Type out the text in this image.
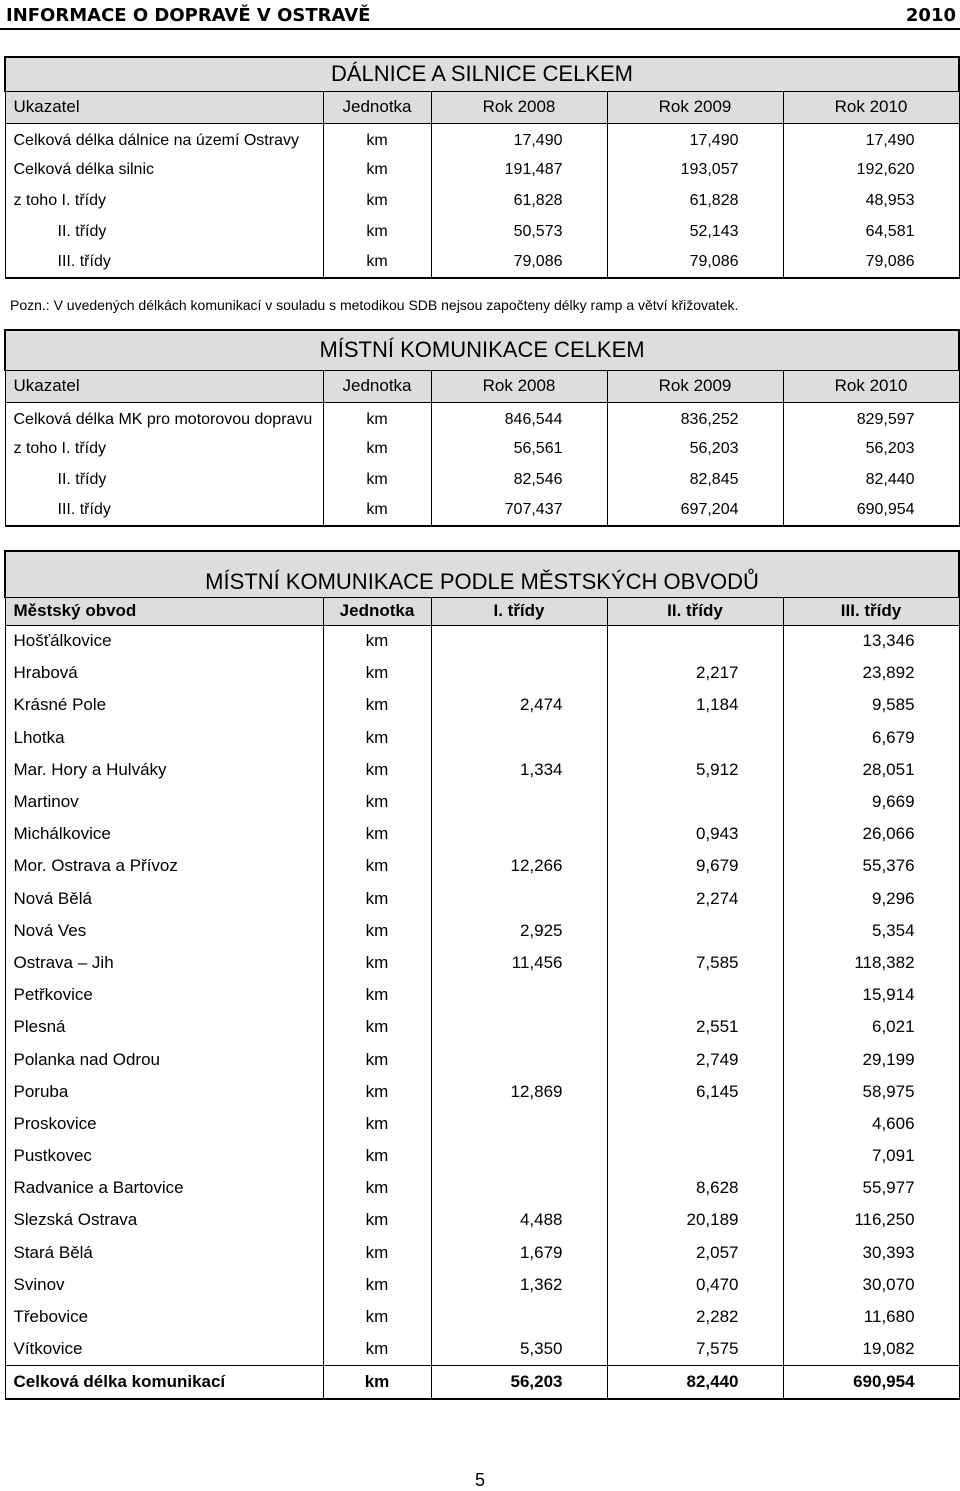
INFORMACE O DOPRAVĚ V OSTRAVĚ	2010
DÁLNICE A SILNICE CELKEM				
Ukazatel	Jednotka	Rok 2008	Rok 2009	Rok 2010
Celková délka dálnice na území Ostravy	km	17,490	17,490	17,490
Celková délka silnic	km	191,487	193,057	192,620
z toho I. třídy	km	61,828	61,828	48,953
II. třídy	km	50,573	52,143	64,581
III. třídy	km	79,086	79,086	79,086
Pozn.: V uvedených délkách komunikací v souladu s metodikou SDB nejsou započteny délky ramp a větví křižovatek.
MÍSTNÍ KOMUNIKACE CELKEM				
Ukazatel	Jednotka	Rok 2008	Rok 2009	Rok 2010
Celková délka MK pro motorovou dopravu	km	846,544	836,252	829,597
z toho I. třídy	km	56,561	56,203	56,203
II. třídy	km	82,546	82,845	82,440
III. třídy	km	707,437	697,204	690,954
MÍSTNÍ KOMUNIKACE PODLE MĚSTSKÝCH OBVODŮ				
Městský obvod	Jednotka	I. třídy	II. třídy	III. třídy
Hošťálkovice	km			13,346
Hrabová	km		2,217	23,892
Krásné Pole	km	2,474	1,184	9,585
Lhotka	km			6,679
Mar. Hory a Hulváky	km	1,334	5,912	28,051
Martinov	km			9,669
Michálkovice	km		0,943	26,066
Mor. Ostrava a Přívoz	km	12,266	9,679	55,376
Nová Bělá	km		2,274	9,296
Nová Ves	km	2,925		5,354
Ostrava – Jih	km	11,456	7,585	118,382
Petřkovice	km			15,914
Plesná	km		2,551	6,021
Polanka nad Odrou	km		2,749	29,199
Poruba	km	12,869	6,145	58,975
Proskovice	km			4,606
Pustkovec	km			7,091
Radvanice a Bartovice	km		8,628	55,977
Slezská Ostrava	km	4,488	20,189	116,250
Stará Bělá	km	1,679	2,057	30,393
Svinov	km	1,362	0,470	30,070
Třebovice	km		2,282	11,680
Vítkovice	km	5,350	7,575	19,082
Celková délka komunikací	km	56,203	82,440	690,954
5
